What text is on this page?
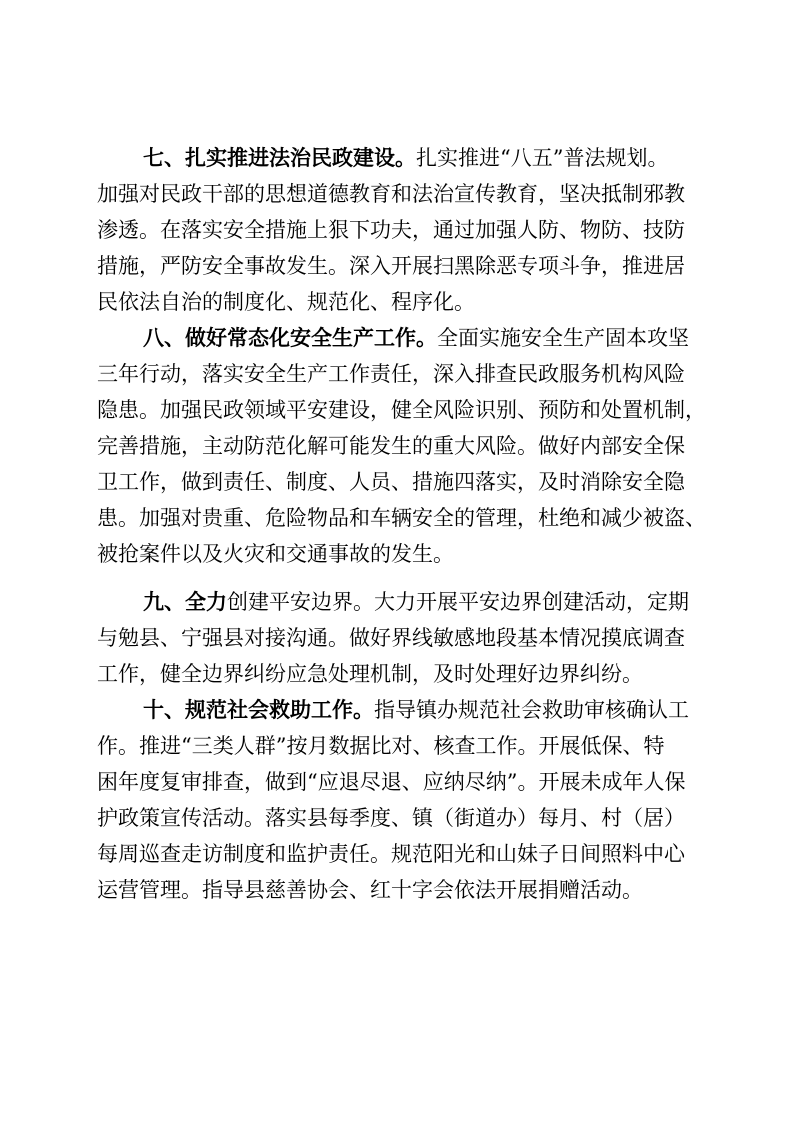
七、扎实推进法治民政建设。扎实推进“八五”普法规划。
加强对民政干部的思想道德教育和法治宣传教育，坚决抵制邪教
渗透。在落实安全措施上狠下功夫，通过加强人防、物防、技防
措施，严防安全事故发生。深入开展扫黑除恶专项斗争，推进居
民依法自治的制度化、规范化、程序化。
八、做好常态化安全生产工作。全面实施安全生产固本攻坚
三年行动，落实安全生产工作责任，深入排查民政服务机构风险
隐患。加强民政领域平安建设，健全风险识别、预防和处置机制，
完善措施，主动防范化解可能发生的重大风险。做好内部安全保
卫工作，做到责任、制度、人员、措施四落实，及时消除安全隐
患。加强对贵重、危险物品和车辆安全的管理，杜绝和减少被盗、
被抢案件以及火灾和交通事故的发生。
九、全力创建平安边界。大力开展平安边界创建活动，定期
与勉县、宁强县对接沟通。做好界线敏感地段基本情况摸底调查
工作，健全边界纠纷应急处理机制，及时处理好边界纠纷。
十、规范社会救助工作。指导镇办规范社会救助审核确认工
作。推进“三类人群”按月数据比对、核查工作。开展低保、特
困年度复审排查，做到“应退尽退、应纳尽纳”。开展未成年人保
护政策宣传活动。落实县每季度、镇（街道办）每月、村（居）
每周巡查走访制度和监护责任。规范阳光和山妹子日间照料中心
运营管理。指导县慈善协会、红十字会依法开展捐赠活动。
